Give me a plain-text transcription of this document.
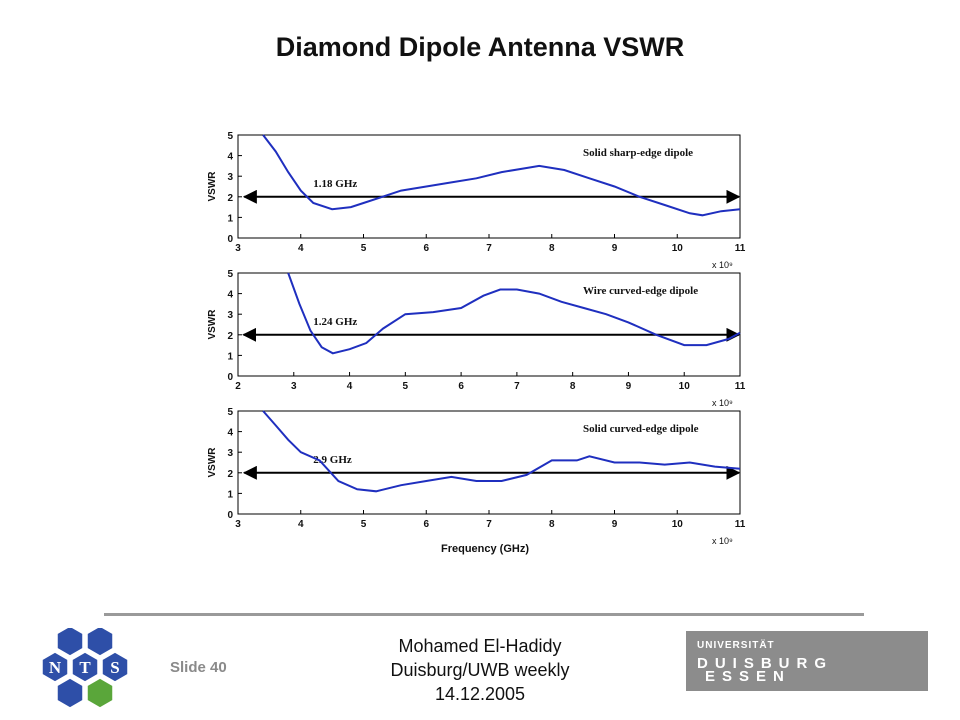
Diamond Dipole Antenna VSWR
3	4	5	6	7	8	9	10	11
0
1
2
3
4
5
VSWR
x 10⁹
Solid sharp-edge dipole
1.18 GHz
2	3	4	5	6	7	8	9	10	11
0
1
2
3
4
5
VSWR
x 10⁹
Wire curved-edge dipole
1.24 GHz
3	4	5	6	7	8	9	10	11
0
1
2
3
4
5
VSWR
x 10⁹
Solid curved-edge dipole
2.9 GHz
Frequency (GHz)
N T S	Slide 40
Mohamed El-Hadidy
Duisburg/UWB weekly
14.12.2005
UNIVERSITÄT
DUISBURG
ESSEN
